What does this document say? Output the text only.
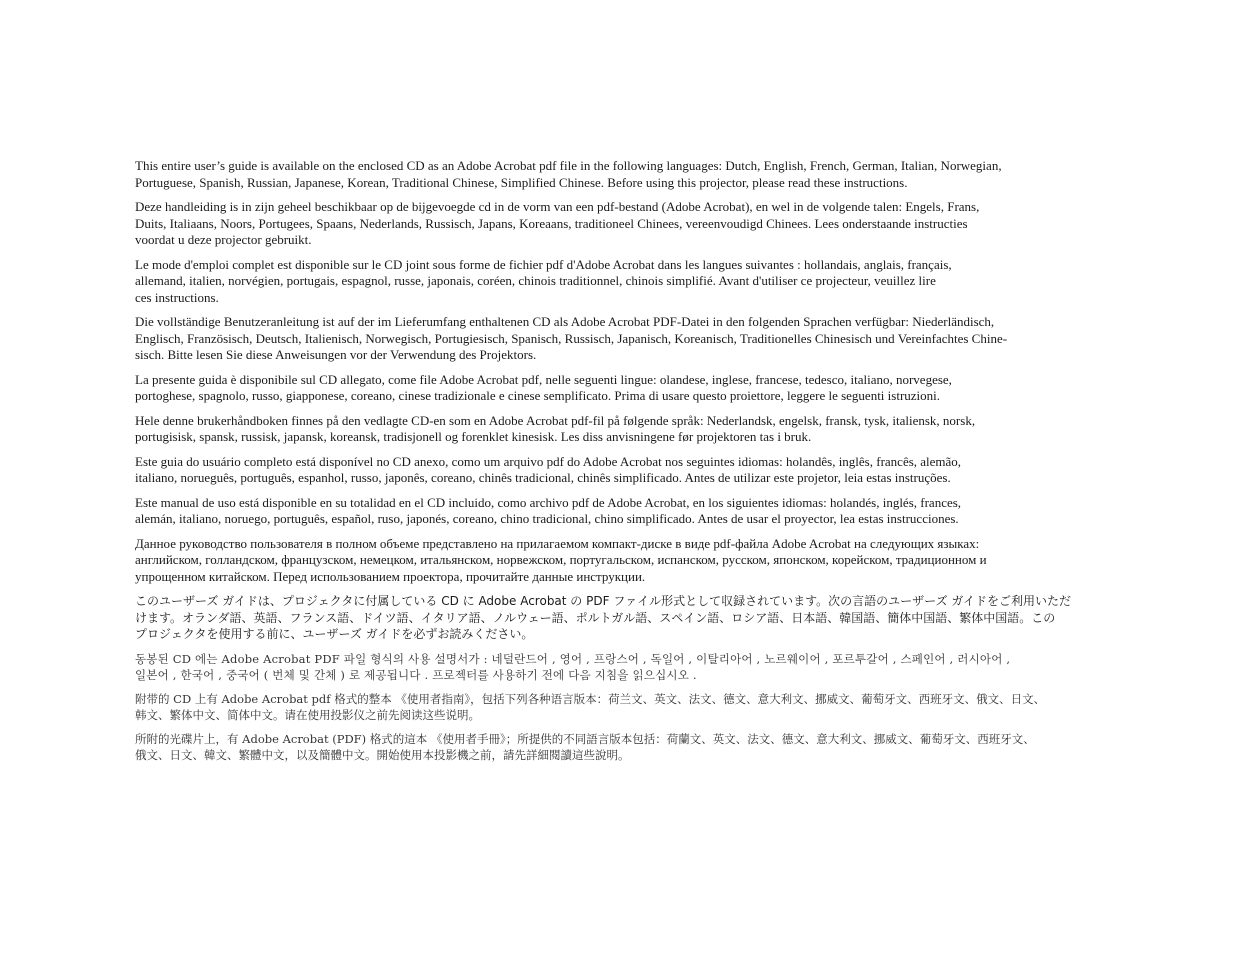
This entire user’s guide is available on the enclosed CD as an Adobe Acrobat pdf file in the following languages: Dutch, English, French, German, Italian, Norwegian,
Portuguese, Spanish, Russian, Japanese, Korean, Traditional Chinese, Simplified Chinese. Before using this projector, please read these instructions.

Deze handleiding is in zijn geheel beschikbaar op de bijgevoegde cd in de vorm van een pdf-bestand (Adobe Acrobat), en wel in de volgende talen: Engels, Frans,
Duits, Italiaans, Noors, Portugees, Spaans, Nederlands, Russisch, Japans, Koreaans, traditioneel Chinees, vereenvoudigd Chinees. Lees onderstaande instructies
voordat u deze projector gebruikt.

Le mode d'emploi complet est disponible sur le CD joint sous forme de fichier pdf d'Adobe Acrobat dans les langues suivantes : hollandais, anglais, français,
allemand, italien, norvégien, portugais, espagnol, russe, japonais, coréen, chinois traditionnel, chinois simplifié. Avant d'utiliser ce projecteur, veuillez lire
ces instructions.

Die vollständige Benutzeranleitung ist auf der im Lieferumfang enthaltenen CD als Adobe Acrobat PDF-Datei in den folgenden Sprachen verfügbar: Niederländisch,
Englisch, Französisch, Deutsch, Italienisch, Norwegisch, Portugiesisch, Spanisch, Russisch, Japanisch, Koreanisch, Traditionelles Chinesisch und Vereinfachtes Chine-
sisch. Bitte lesen Sie diese Anweisungen vor der Verwendung des Projektors.

La presente guida è disponibile sul CD allegato, come file Adobe Acrobat pdf, nelle seguenti lingue: olandese, inglese, francese, tedesco, italiano, norvegese,
portoghese, spagnolo, russo, giapponese, coreano, cinese tradizionale e cinese semplificato. Prima di usare questo proiettore, leggere le seguenti istruzioni.

Hele denne brukerhåndboken finnes på den vedlagte CD-en som en Adobe Acrobat pdf-fil på følgende språk: Nederlandsk, engelsk, fransk, tysk, italiensk, norsk,
portugisisk, spansk, russisk, japansk, koreansk, tradisjonell og forenklet kinesisk. Les diss anvisningene før projektoren tas i bruk.

Este guia do usuário completo está disponível no CD anexo, como um arquivo pdf do Adobe Acrobat nos seguintes idiomas: holandês, inglês, francês, alemão,
italiano, norueguês, português, espanhol, russo, japonês, coreano, chinês tradicional, chinês simplificado. Antes de utilizar este projetor, leia estas instruções.

Este manual de uso está disponible en su totalidad en el CD incluido, como archivo pdf de Adobe Acrobat, en los siguientes idiomas: holandés, inglés, frances,
alemán, italiano, noruego, português, español, ruso, japonés, coreano, chino tradicional, chino simplificado. Antes de usar el proyector, lea estas instrucciones.

Данное руководство пользователя в полном объеме представлено на прилагаемом компакт-диске в виде pdf-файла Adobe Acrobat на следующих языках:
английском, голландском, французском, немецком, итальянском, норвежском, португальском, испанском, русском, японском, корейском, традиционном и
упрощенном китайском. Перед использованием проектора, прочитайте данные инструкции.

このユーザーズ ガイドは、プロジェクタに付属している CD に Adobe Acrobat の PDF ファイル形式として収録されています。次の言語のユーザーズ ガイドをご利用いただ
けます。オランダ語、英語、フランス語、ドイツ語、イタリア語、ノルウェー語、ポルトガル語、スペイン語、ロシア語、日本語、韓国語、簡体中国語、繁体中国語。この
プロジェクタを使用する前に、ユーザーズ ガイドを必ずお読みください。

동봉된 CD 에는 Adobe Acrobat PDF 파일 형식의 사용 설명서가 : 네덜란드어 , 영어 , 프랑스어 , 독일어 , 이탈리아어 , 노르웨이어 , 포르투갈어 , 스페인어 , 러시아어 ,
일본어 , 한국어 , 중국어 ( 번체 및 간체 ) 로 제공됩니다 . 프로젝터를 사용하기 전에 다음 지침을 읽으십시오 .

附带的 CD 上有 Adobe Acrobat pdf 格式的整本 《使用者指南》，包括下列各种语言版本：荷兰文、英文、法文、德文、意大利文、挪威文、葡萄牙文、西班牙文、俄文、日文、
韩文、繁体中文、简体中文。请在使用投影仪之前先阅读这些说明。

所附的光碟片上，有 Adobe Acrobat (PDF) 格式的這本 《使用者手冊》；所提供的不同語言版本包括：荷蘭文、英文、法文、德文、意大利文、挪威文、葡萄牙文、西班牙文、
俄文、日文、韓文、繁體中文，以及簡體中文。開始使用本投影機之前，請先詳細閱讀這些說明。
